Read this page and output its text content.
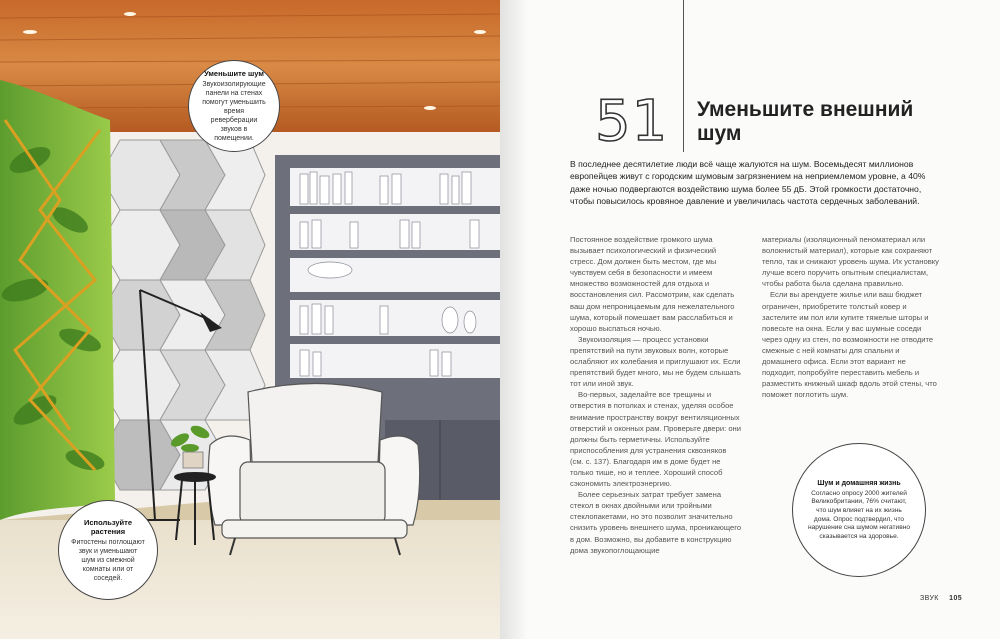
Уменьшите шум
Звукоизолирующие панели на стенах помогут уменьшить время реверберации звуков в помещении.
Используйте растения
Фитостены поглощают звук и уменьшают шум из смежной комнаты или от соседей.
51 Уменьшите внешний шум

В последнее десятилетие люди всё чаще жалуются на шум. Восемьдесят миллионов европейцев живут с городским шумовым загрязнением на неприемлемом уровне, а 40% даже ночью подвергаются воздействию шума более 55 дБ. Этой громкости достаточно, чтобы повысилось кровяное давление и увеличилась частота сердечных заболеваний.

Постоянное воздействие громкого шума вызывает психологический и физический стресс. Дом должен быть местом, где мы чувствуем себя в безопасности и имеем множество возможностей для отдыха и восстановления сил. Рассмотрим, как сделать ваш дом непроницаемым для нежелательного шума, который помешает вам расслабиться и хорошо выспаться ночью.

Звукоизоляция — процесс установки препятствий на пути звуковых волн, которые ослабляют их колебания и приглушают их. Если препятствий будет много, мы не будем слышать тот или иной звук.

Во-первых, заделайте все трещины и отверстия в потолках и стенах, уделяя особое внимание пространству вокруг вентиляционных отверстий и оконных рам. Проверьте двери: они должны быть герметичны. Используйте приспособления для устранения сквозняков (см. с. 137). Благодаря им в доме будет не только тише, но и теплее. Хороший способ сэкономить электроэнергию.

Более серьезных затрат требует замена стекол в окнах двойными или тройными стеклопакетами, но это позволит значительно снизить уровень внешнего шума, проникающего в дом. Возможно, вы добавите в конструкцию дома звукопоглощающие

материалы (изоляционный пеноматериал или волокнистый материал), которые как сохраняют тепло, так и снижают уровень шума. Их установку лучше всего поручить опытным специалистам, чтобы работа была сделана правильно.

Если вы арендуете жилье или ваш бюджет ограничен, приобретите толстый ковер и застелите им пол или купите тяжелые шторы и повесьте на окна. Если у вас шумные соседи через одну из стен, по возможности не отводите смежные с ней комнаты для спальни и домашнего офиса. Если этот вариант не подходит, попробуйте переставить мебель и разместить книжный шкаф вдоль этой стены, что поможет поглотить шум.

Шум и домашняя жизнь
Согласно опросу 2000 жителей Великобритании, 76% считают, что шум влияет на их жизнь дома. Опрос подтвердил, что нарушение сна шумом негативно сказывается на здоровье.
ЗВУК 105
